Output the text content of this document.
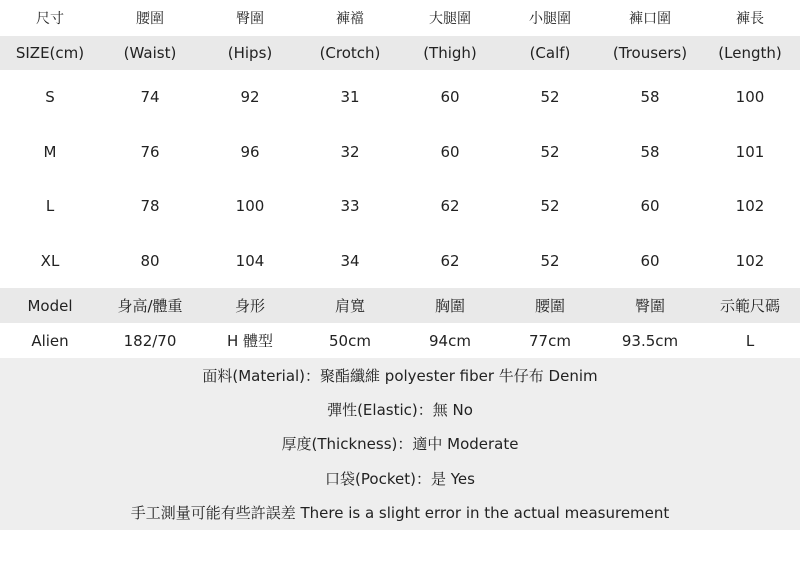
尺寸	腰圍	臀圍	褲襠	大腿圍	小腿圍	褲口圍	褲長
SIZE(cm)	(Waist)	(Hips)	(Crotch)	(Thigh)	(Calf)	(Trousers)	(Length)
S	74	92	31	60	52	58	100
M	76	96	32	60	52	58	101
L	78	100	33	62	52	60	102
XL	80	104	34	62	52	60	102
Model	身高/體重	身形	肩寬	胸圍	腰圍	臀圍	示範尺碼
Alien	182/70	H 體型	50cm	94cm	77cm	93.5cm	L
面料(Material)：聚酯纖維 polyester fiber 牛仔布 Denim
彈性(Elastic)：無 No
厚度(Thickness)：適中 Moderate
口袋(Pocket)：是 Yes
手工測量可能有些許誤差 There is a slight error in the actual measurement
